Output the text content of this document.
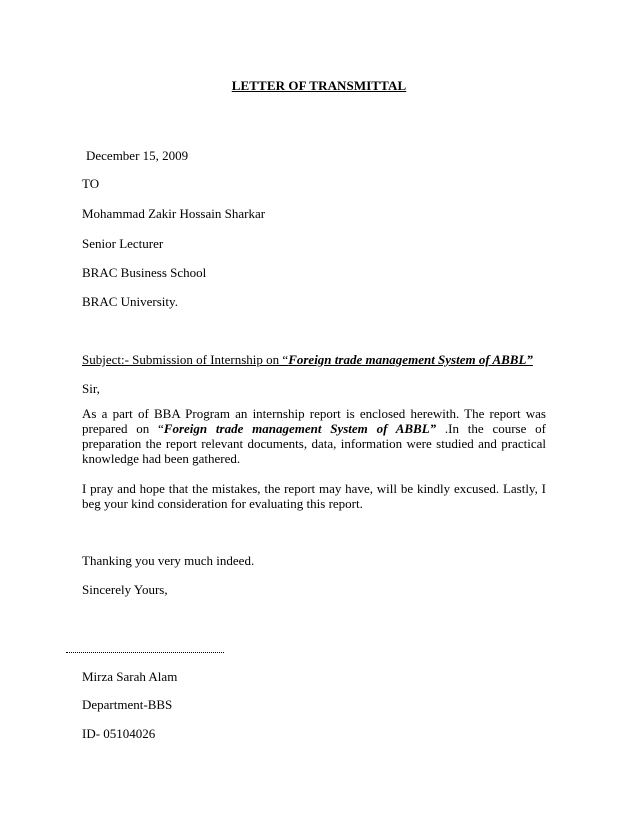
LETTER OF TRANSMITTAL
December 15, 2009
TO
Mohammad Zakir Hossain Sharkar
Senior Lecturer
BRAC Business School
BRAC University.
Subject:- Submission of Internship on “Foreign trade management System of ABBL”
Sir,
As a part of BBA Program an internship report is enclosed herewith. The report was prepared on “Foreign trade management System of ABBL” .In the course of preparation the report relevant documents, data, information were studied and practical knowledge had been gathered.
I pray and hope that the mistakes, the report may have, will be kindly excused. Lastly, I beg your kind consideration for evaluating this report.
Thanking you very much indeed.
Sincerely Yours,
Mirza Sarah Alam
Department-BBS
ID- 05104026
